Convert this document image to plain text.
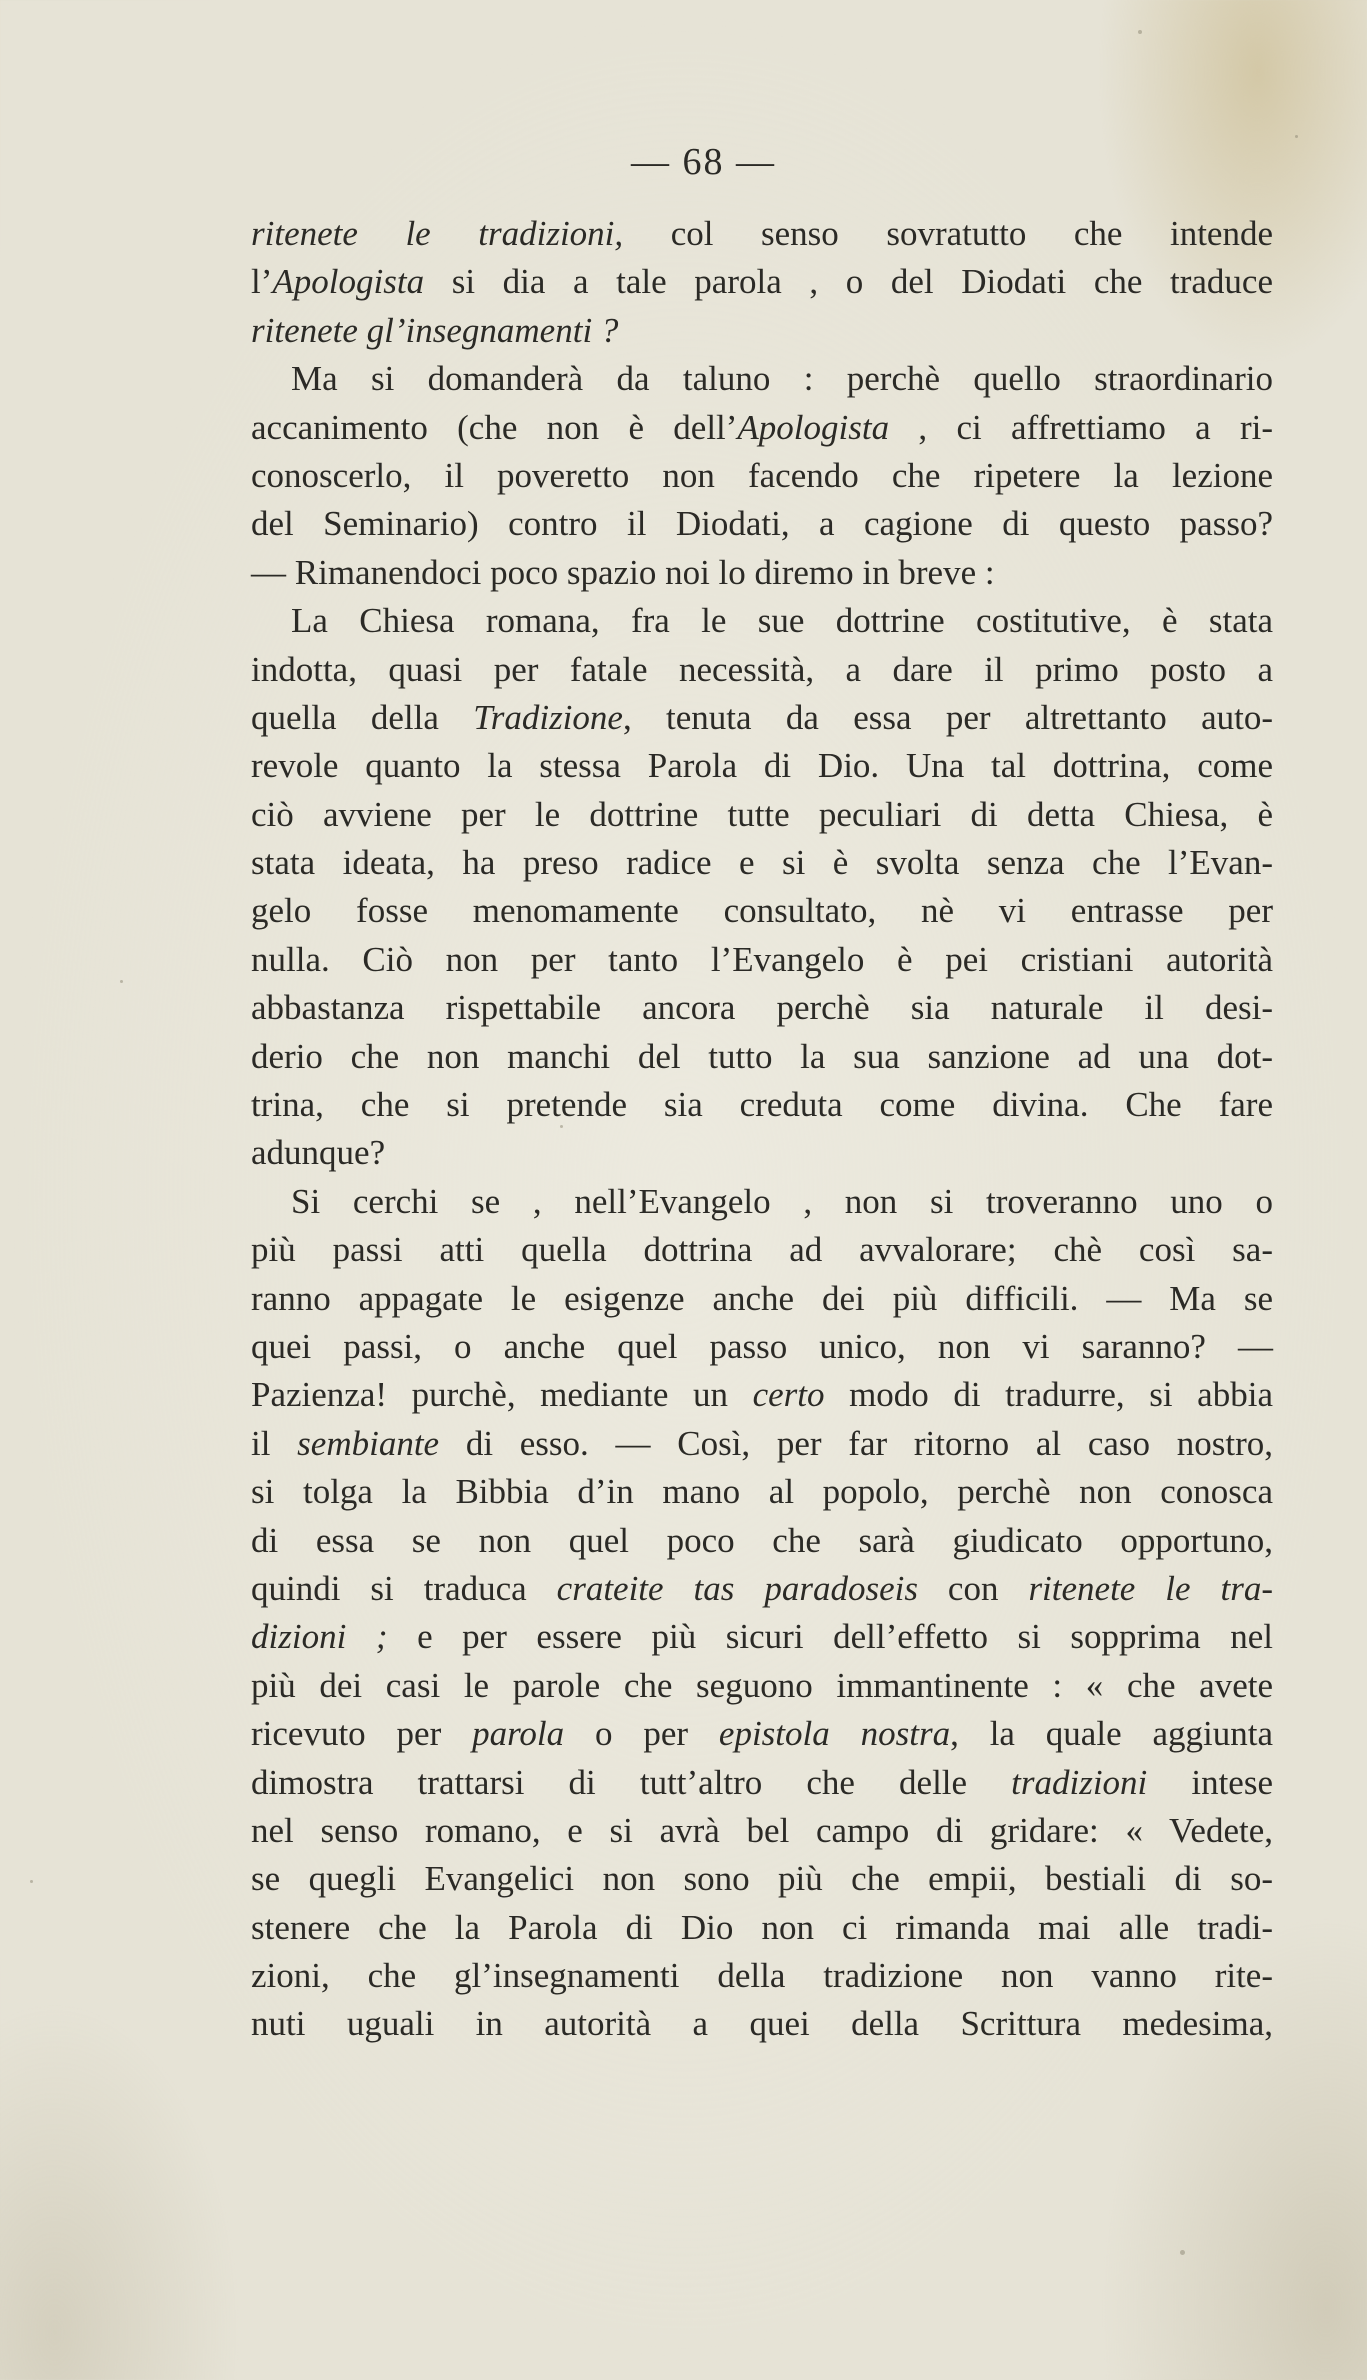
— 68 —
ritenete le tradizioni, col senso sovratutto che intende
l’Apologista si dia a tale parola , o del Diodati che traduce
ritenete gl’insegnamenti ?
Ma si domanderà da taluno : perchè quello straordinario
accanimento (che non è dell’Apologista , ci affrettiamo a ri-
conoscerlo, il poveretto non facendo che ripetere la lezione
del Seminario) contro il Diodati, a cagione di questo passo?
— Rimanendoci poco spazio noi lo diremo in breve :
La Chiesa romana, fra le sue dottrine costitutive, è stata
indotta, quasi per fatale necessità, a dare il primo posto a
quella della Tradizione, tenuta da essa per altrettanto auto-
revole quanto la stessa Parola di Dio. Una tal dottrina, come
ciò avviene per le dottrine tutte peculiari di detta Chiesa, è
stata ideata, ha preso radice e si è svolta senza che l’Evan-
gelo fosse menomamente consultato, nè vi entrasse per
nulla. Ciò non per tanto l’Evangelo è pei cristiani autorità
abbastanza rispettabile ancora perchè sia naturale il desi-
derio che non manchi del tutto la sua sanzione ad una dot-
trina, che si pretende sia creduta come divina. Che fare
adunque?
Si cerchi se , nell’Evangelo , non si troveranno uno o
più passi atti quella dottrina ad avvalorare; chè così sa-
ranno appagate le esigenze anche dei più difficili. — Ma se
quei passi, o anche quel passo unico, non vi saranno? —
Pazienza! purchè, mediante un certo modo di tradurre, si abbia
il sembiante di esso. — Così, per far ritorno al caso nostro,
si tolga la Bibbia d’in mano al popolo, perchè non conosca
di essa se non quel poco che sarà giudicato opportuno,
quindi si traduca crateite tas paradoseis con ritenete le tra-
dizioni ; e per essere più sicuri dell’effetto si sopprima nel
più dei casi le parole che seguono immantinente : « che avete
ricevuto per parola o per epistola nostra, la quale aggiunta
dimostra trattarsi di tutt’altro che delle tradizioni intese
nel senso romano, e si avrà bel campo di gridare: « Vedete,
se quegli Evangelici non sono più che empii, bestiali di so-
stenere che la Parola di Dio non ci rimanda mai alle tradi-
zioni, che gl’insegnamenti della tradizione non vanno rite-
nuti uguali in autorità a quei della Scrittura medesima,
